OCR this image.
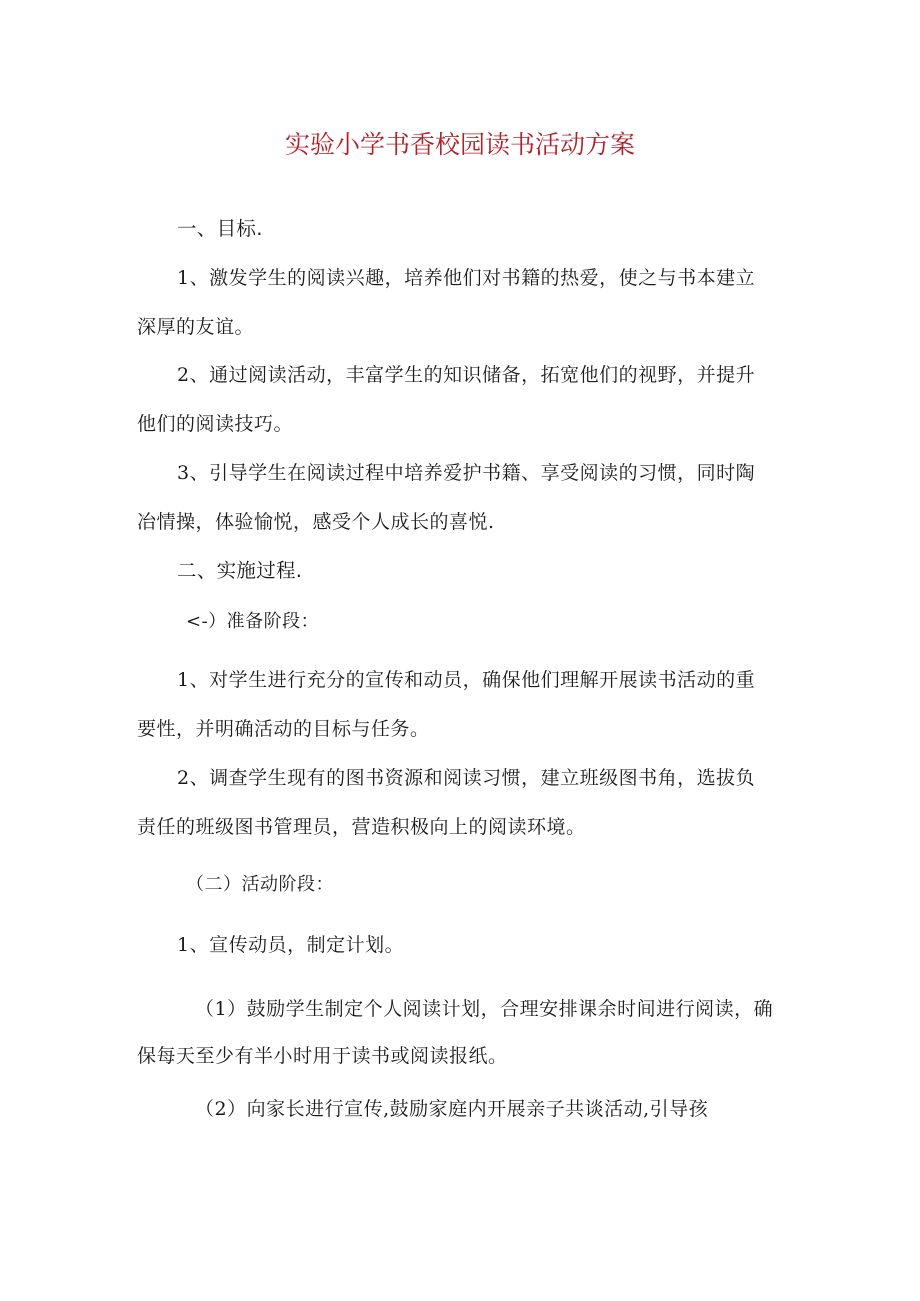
实验小学书香校园读书活动方案
一、目标.
1、激发学生的阅读兴趣，培养他们对书籍的热爱，使之与书本建立
深厚的友谊。
2、通过阅读活动，丰富学生的知识储备，拓宽他们的视野，并提升
他们的阅读技巧。
3、引导学生在阅读过程中培养爱护书籍、享受阅读的习惯，同时陶
冶情操，体验愉悦，感受个人成长的喜悦.
二、实施过程.
<-）准备阶段：
1、对学生进行充分的宣传和动员，确保他们理解开展读书活动的重
要性，并明确活动的目标与任务。
2、调查学生现有的图书资源和阅读习惯，建立班级图书角，选拔负
责任的班级图书管理员，营造积极向上的阅读环境。
（二）活动阶段：
1、宣传动员，制定计划。
（1）鼓励学生制定个人阅读计划，合理安排课余时间进行阅读，确
保每天至少有半小时用于读书或阅读报纸。
（2）向家长进行宣传,鼓励家庭内开展亲子共谈活动,引导孩
